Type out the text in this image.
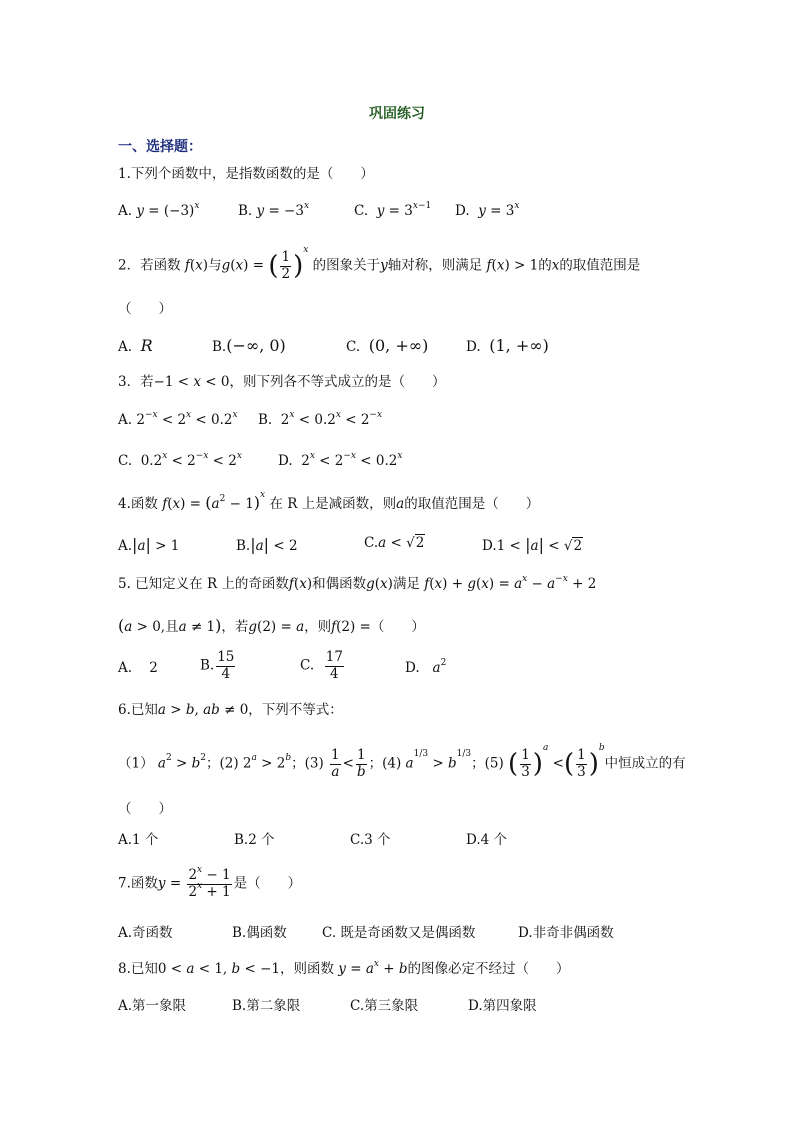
巩固练习
一、选择题：
1.下列个函数中，是指数函数的是（　　）
A. $y = (-3)^x$	B. $y = -3^x$	C. $y = 3^{x-1}$ D. $y = 3^x$
2．若函数 f(x)与g(x) = ( $\frac{1}{2} )^x$ 的图象关于y轴对称，则满足 f(x) > 1的x的取值范围是
（　　）
A. R	B.(−∞, 0)	C. (0, +∞)	D. (1, +∞)
3．若−1 < x < 0，则下列各不等式成立的是（　　）
A. $2^{-x} < 2^x < 0.2^x$ B.  $2^x < 0.2^x < 2^{-x}$
C.  $0.2^x < 2^{-x} < 2^x$	D.  $2^x < 2^{-x} < 0.2^x$
4.函数 $f(x) = (a^2 - 1)^x$ 在 R 上是减函数，则a的取值范围是（　　）
A.|a| > 1	B.|a| < 2	C.a < √2	D.1 < |a| < √2
5. 已知定义在 R 上的奇函数f(x)和偶函数g(x)满足 $f(x) + g(x) = a^x - a^{-x} + 2$
(a > 0,且a ≠ 1)，若g(2) = a，则f(2) =（　　）
A. 2	B. $\frac{15}{4}$	C. $\frac{17}{4}$	D. $a^2$
6.已知a > b, ab ≠ 0，下列不等式：
（1） $a^2 > b^2$；(2) $2^a > 2^b$；$(3) \frac{1}{a} < \frac{1}{b}$ ；(4) $a^{1/3} > b^{1/3}$；(5) ( $\frac{1}{3} )^a$ <( $\frac{1}{3} )^b$中恒成立的有
（　　）
A.1 个	B.2 个	C.3 个	D.4 个
7.函数$y = \frac{2^x - 1}{2^x + 1}$ 是（　　）
A.奇函数	B.偶函数	C. 既是奇函数又是偶函数	D.非奇非偶函数
8.已知0 < a < 1, b < −1，则函数 $y = a^x + b$的图像必定不经过（　　）
A.第一象限	B.第二象限	C.第三象限	D.第四象限
